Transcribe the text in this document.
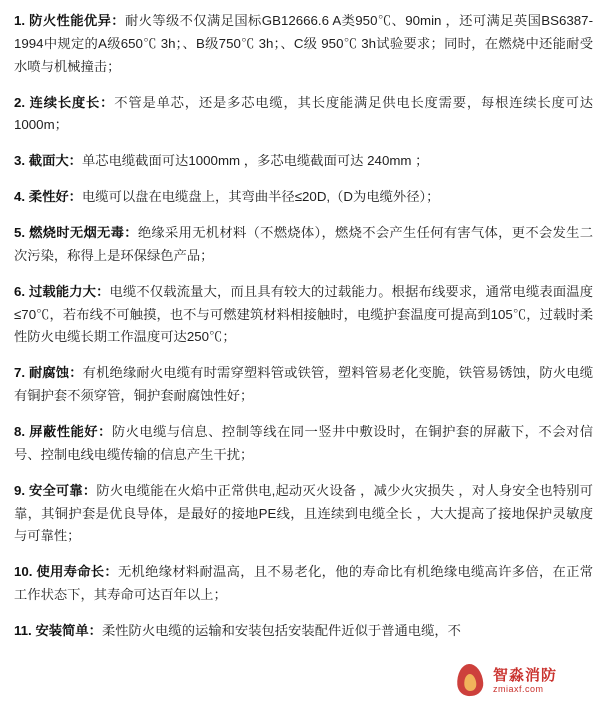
1. 防火性能优异：耐火等级不仅满足国标GB12666.6 A类950℃、90min ，还可满足英国BS6387-1994中规定的A级650℃ 3h；、B级750℃ 3h；、C级 950℃ 3h试验要求；同时，在燃烧中还能耐受水喷与机械撞击；

2. 连续长度长：不管是单芯，还是多芯电缆，其长度能满足供电长度需要，每根连续长度可达1000m；

3. 截面大：单芯电缆截面可达1000mm ，多芯电缆截面可达 240mm ；

4. 柔性好：电缆可以盘在电缆盘上，其弯曲半径≤20D,（D为电缆外径）；

5. 燃烧时无烟无毒：绝缘采用无机材料（不燃烧体），燃烧不会产生任何有害气体，更不会发生二次污染，称得上是环保绿色产品；

6. 过载能力大：电缆不仅载流量大，而且具有较大的过载能力。根据布线要求，通常电缆表面温度≤70℃，若布线不可触摸，也不与可燃建筑材料相接触时，电缆护套温度可提高到105℃，过载时柔性防火电缆长期工作温度可达250℃；

7. 耐腐蚀：有机绝缘耐火电缆有时需穿塑料管或铁管，塑料管易老化变脆，铁管易锈蚀，防火电缆有铜护套不须穿管，铜护套耐腐蚀性好；

8. 屏蔽性能好：防火电缆与信息、控制等线在同一竖井中敷设时，在铜护套的屏蔽下，不会对信号、控制电线电缆传输的信息产生干扰；

9. 安全可靠：防火电缆能在火焰中正常供电,起动灭火设备 ，减少火灾损失 ，对人身安全也特别可靠，其铜护套是优良导体，是最好的接地PE线，且连续到电缆全长 ，大大提高了接地保护灵敏度与可靠性；

10. 使用寿命长：无机绝缘材料耐温高，且不易老化，他的寿命比有机绝缘电缆高许多倍，在正常工作状态下，其寿命可达百年以上；

11. 安装简单：柔性防火电缆的运输和安装包括安装配件近似于普通电缆，不

智淼消防
zmiaxf.com
